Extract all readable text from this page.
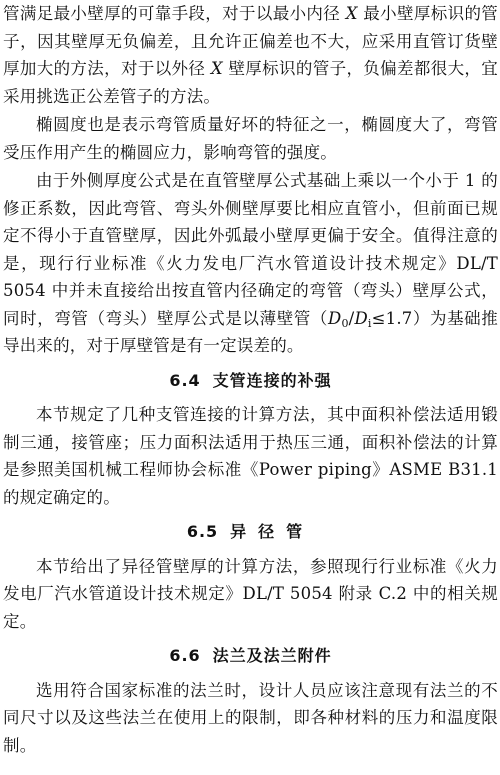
管满足最小壁厚的可靠手段，对于以最小内径 X 最小壁厚标识的管子，因其壁厚无负偏差，且允许正偏差也不大，应采用直管订货壁厚加大的方法，对于以外径 X 壁厚标识的管子，负偏差都很大，宜采用挑选正公差管子的方法。

椭圆度也是表示弯管质量好坏的特征之一，椭圆度大了，弯管受压作用产生的椭圆应力，影响弯管的强度。

由于外侧厚度公式是在直管壁厚公式基础上乘以一个小于 1 的修正系数，因此弯管、弯头外侧壁厚要比相应直管小，但前面已规定不得小于直管壁厚，因此外弧最小壁厚更偏于安全。值得注意的是，现行行业标准《火力发电厂汽水管道设计技术规定》DL/T 5054 中并未直接给出按直管内径确定的弯管（弯头）壁厚公式，同时，弯管（弯头）壁厚公式是以薄壁管$(D_0/D_i\le 1.7)$为基础推导出来的，对于厚壁管是有一定误差的。

6.4 支管连接的补强

本节规定了几种支管连接的计算方法，其中面积补偿法适用锻制三通，接管座；压力面积法适用于热压三通，面积补偿法的计算是参照美国机械工程师协会标准《Power piping》ASME B31.1 的规定确定的。

6.5 异径管

本节给出了异径管壁厚的计算方法，参照现行行业标准《火力发电厂汽水管道设计技术规定》DL/T 5054 附录 C.2 中的相关规定。

6.6 法兰及法兰附件

选用符合国家标准的法兰时，设计人员应该注意现有法兰的不同尺寸以及这些法兰在使用上的限制，即各种材料的压力和温度限制。
